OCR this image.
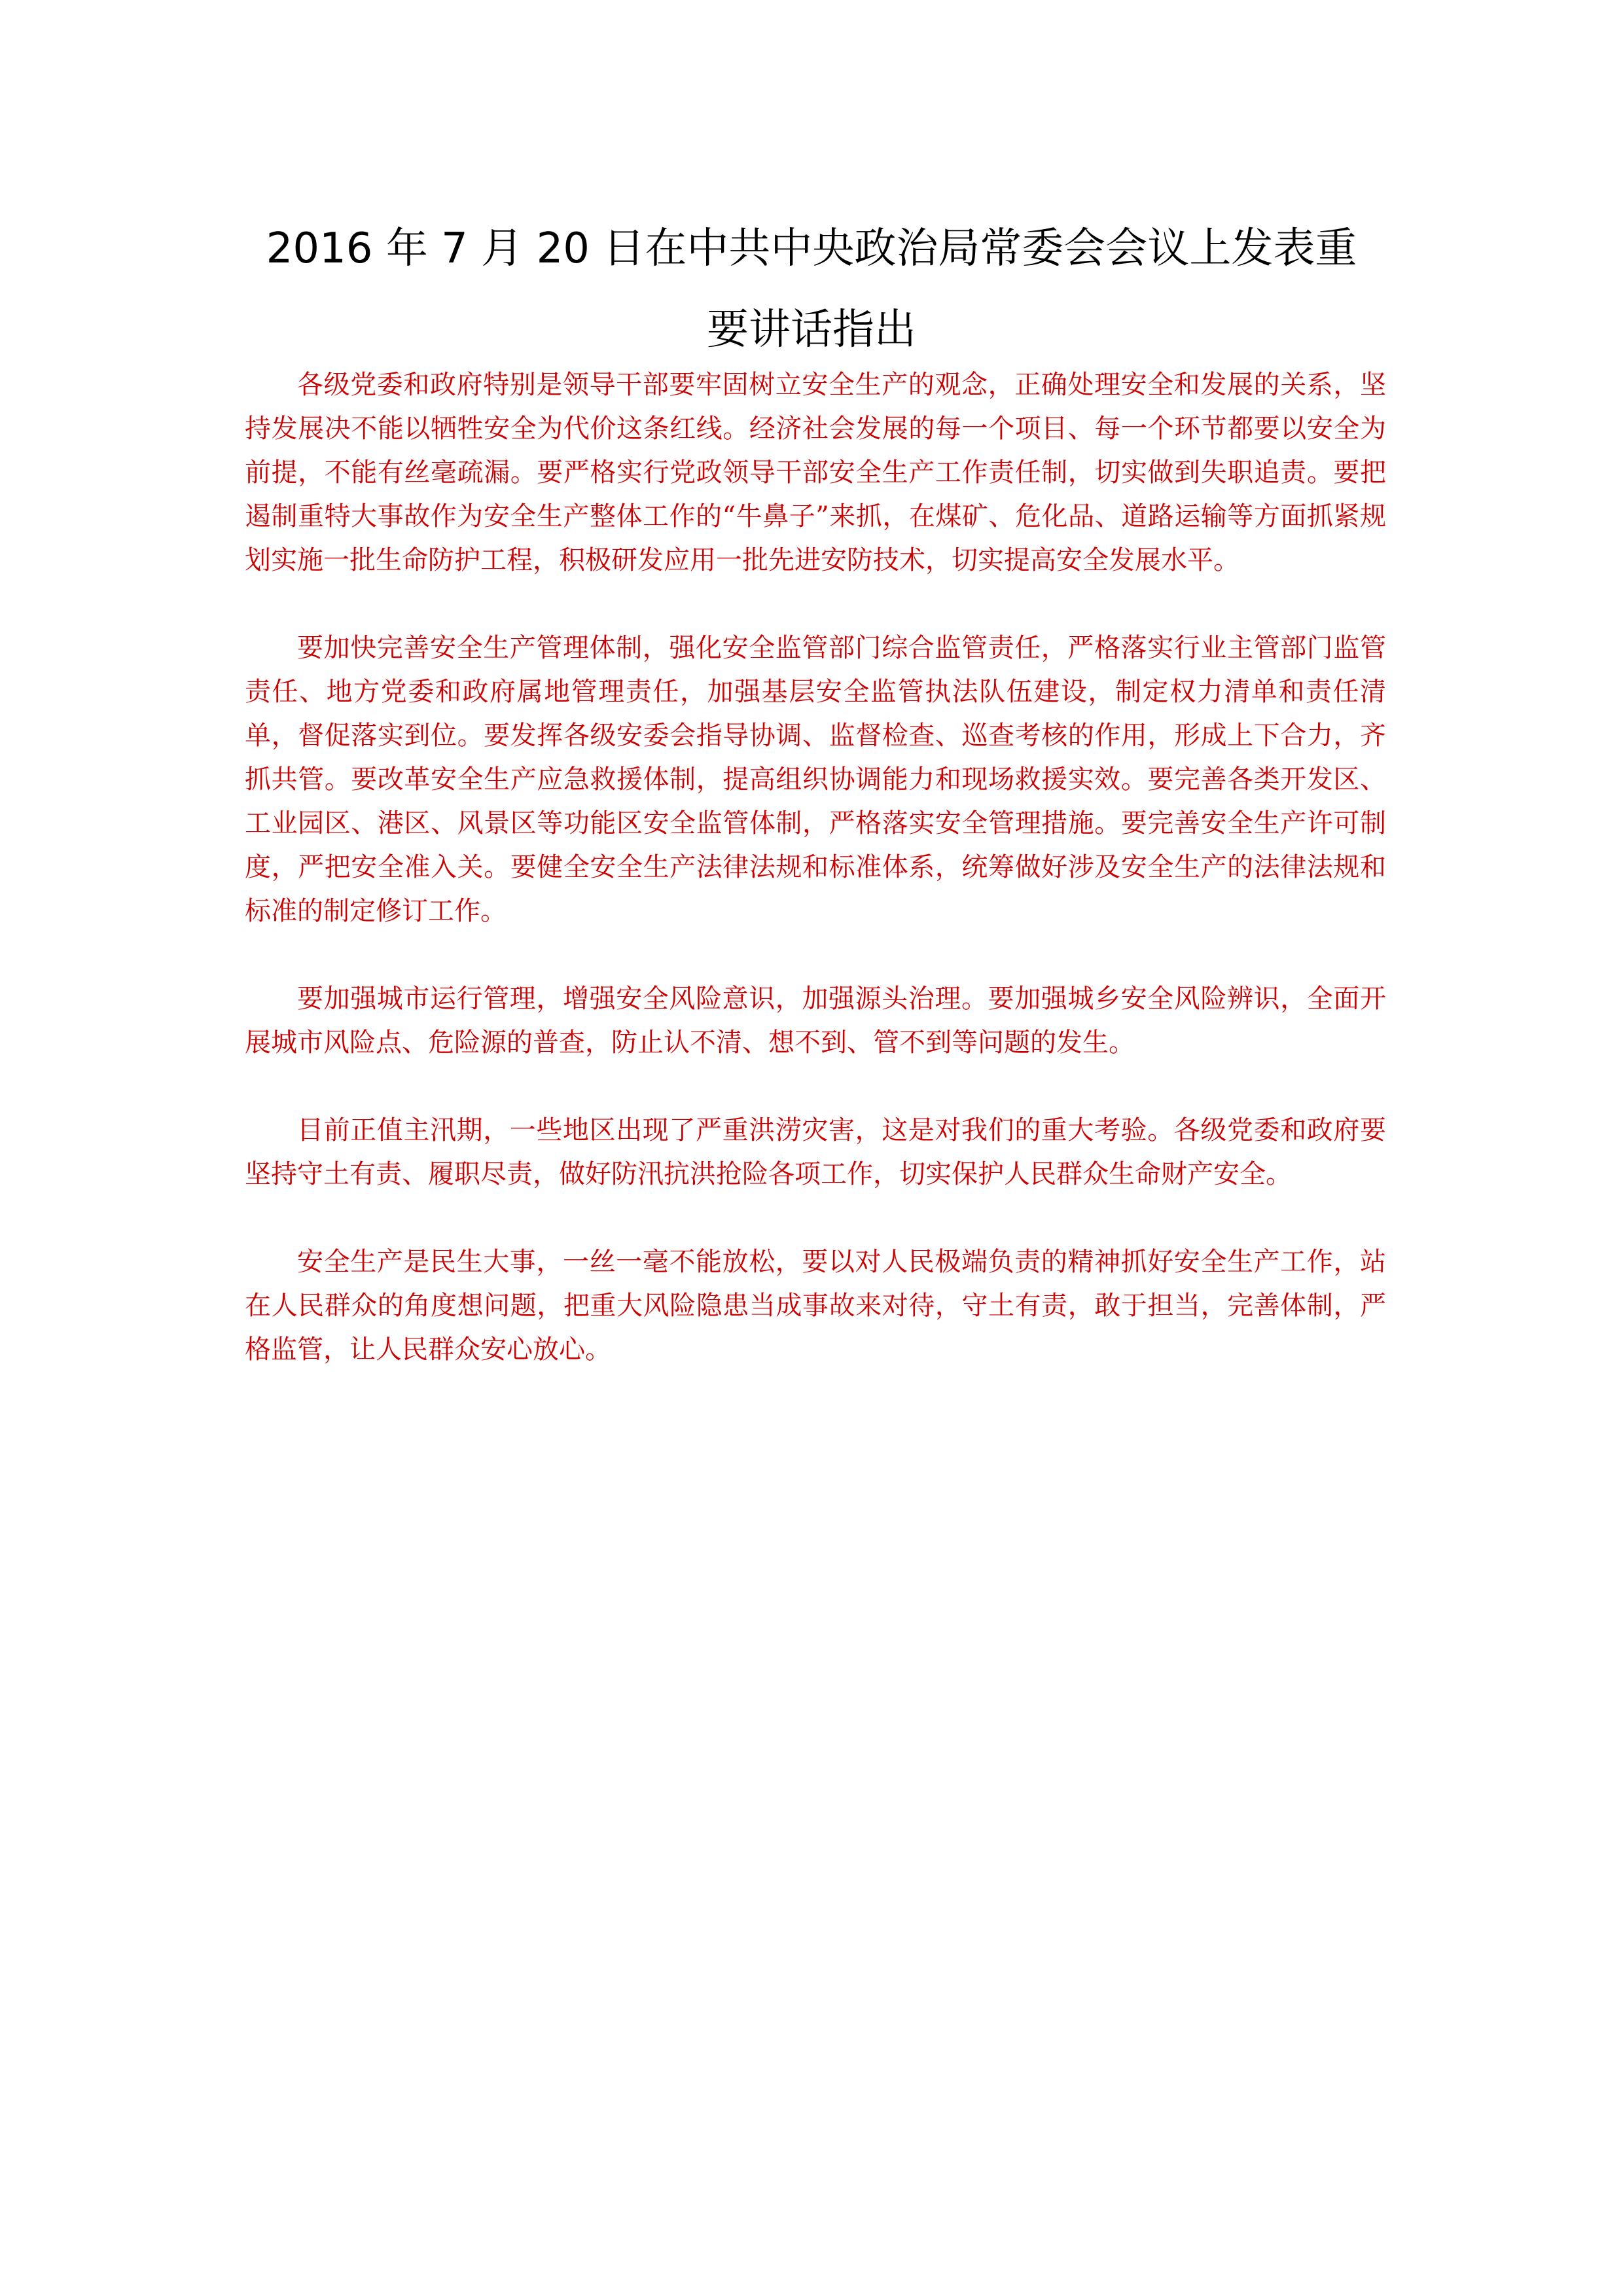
2016 年 7 月 20 日在中共中央政治局常委会会议上发表重
要讲话指出

各级党委和政府特别是领导干部要牢固树立安全生产的观念，正确处理安全和发展的关系，坚持发展决不能以牺牲安全为代价这条红线。经济社会发展的每一个项目、每一个环节都要以安全为前提，不能有丝毫疏漏。要严格实行党政领导干部安全生产工作责任制，切实做到失职追责。要把遏制重特大事故作为安全生产整体工作的“牛鼻子”来抓，在煤矿、危化品、道路运输等方面抓紧规划实施一批生命防护工程，积极研发应用一批先进安防技术，切实提高安全发展水平。

要加快完善安全生产管理体制，强化安全监管部门综合监管责任，严格落实行业主管部门监管责任、地方党委和政府属地管理责任，加强基层安全监管执法队伍建设，制定权力清单和责任清单，督促落实到位。要发挥各级安委会指导协调、监督检查、巡查考核的作用，形成上下合力，齐抓共管。要改革安全生产应急救援体制，提高组织协调能力和现场救援实效。要完善各类开发区、工业园区、港区、风景区等功能区安全监管体制，严格落实安全管理措施。要完善安全生产许可制度，严把安全准入关。要健全安全生产法律法规和标准体系，统筹做好涉及安全生产的法律法规和标准的制定修订工作。

要加强城市运行管理，增强安全风险意识，加强源头治理。要加强城乡安全风险辨识，全面开展城市风险点、危险源的普查，防止认不清、想不到、管不到等问题的发生。

目前正值主汛期，一些地区出现了严重洪涝灾害，这是对我们的重大考验。各级党委和政府要坚持守土有责、履职尽责，做好防汛抗洪抢险各项工作，切实保护人民群众生命财产安全。

安全生产是民生大事，一丝一毫不能放松，要以对人民极端负责的精神抓好安全生产工作，站在人民群众的角度想问题，把重大风险隐患当成事故来对待，守土有责，敢于担当，完善体制，严格监管，让人民群众安心放心。
